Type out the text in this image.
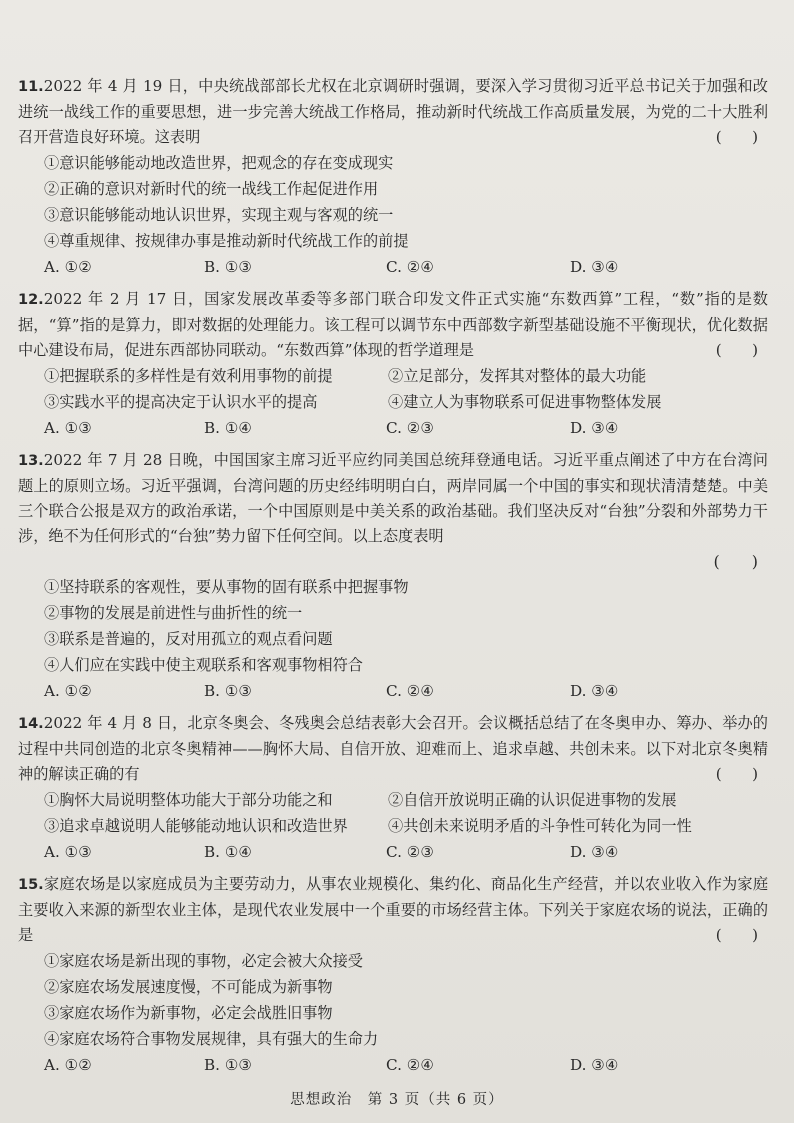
11.2022 年 4 月 19 日，中央统战部部长尤权在北京调研时强调，要深入学习贯彻习近平总书记关于加强和改进统一战线工作的重要思想，进一步完善大统战工作格局，推动新时代统战工作高质量发展，为党的二十大胜利召开营造良好环境。这表明	(　　)
①意识能够能动地改造世界，把观念的存在变成现实
②正确的意识对新时代的统一战线工作起促进作用
③意识能够能动地认识世界，实现主观与客观的统一
④尊重规律、按规律办事是推动新时代统战工作的前提
A. ①②	B. ①③	C. ②④	D. ③④
12.2022 年 2 月 17 日，国家发展改革委等多部门联合印发文件正式实施“东数西算”工程，“数”指的是数据，“算”指的是算力，即对数据的处理能力。该工程可以调节东中西部数字新型基础设施不平衡现状，优化数据中心建设布局，促进东西部协同联动。“东数西算”体现的哲学道理是	(　　)
①把握联系的多样性是有效利用事物的前提	②立足部分，发挥其对整体的最大功能
③实践水平的提高决定于认识水平的提高	④建立人为事物联系可促进事物整体发展
A. ①③	B. ①④	C. ②③	D. ③④
13.2022 年 7 月 28 日晚，中国国家主席习近平应约同美国总统拜登通电话。习近平重点阐述了中方在台湾问题上的原则立场。习近平强调，台湾问题的历史经纬明明白白，两岸同属一个中国的事实和现状清清楚楚。中美三个联合公报是双方的政治承诺，一个中国原则是中美关系的政治基础。我们坚决反对“台独”分裂和外部势力干涉，绝不为任何形式的“台独”势力留下任何空间。以上态度表明
(　　)
①坚持联系的客观性，要从事物的固有联系中把握事物
②事物的发展是前进性与曲折性的统一
③联系是普遍的，反对用孤立的观点看问题
④人们应在实践中使主观联系和客观事物相符合
A. ①②	B. ①③	C. ②④	D. ③④
14.2022 年 4 月 8 日，北京冬奥会、冬残奥会总结表彰大会召开。会议概括总结了在冬奥申办、筹办、举办的过程中共同创造的北京冬奥精神——胸怀大局、自信开放、迎难而上、追求卓越、共创未来。以下对北京冬奥精神的解读正确的有	(　　)
①胸怀大局说明整体功能大于部分功能之和	②自信开放说明正确的认识促进事物的发展
③追求卓越说明人能够能动地认识和改造世界	④共创未来说明矛盾的斗争性可转化为同一性
A. ①③	B. ①④	C. ②③	D. ③④
15.家庭农场是以家庭成员为主要劳动力，从事农业规模化、集约化、商品化生产经营，并以农业收入作为家庭主要收入来源的新型农业主体，是现代农业发展中一个重要的市场经营主体。下列关于家庭农场的说法，正确的是	(　　)
①家庭农场是新出现的事物，必定会被大众接受
②家庭农场发展速度慢，不可能成为新事物
③家庭农场作为新事物，必定会战胜旧事物
④家庭农场符合事物发展规律，具有强大的生命力
A. ①②	B. ①③	C. ②④	D. ③④
思想政治　第 3 页（共 6 页）
